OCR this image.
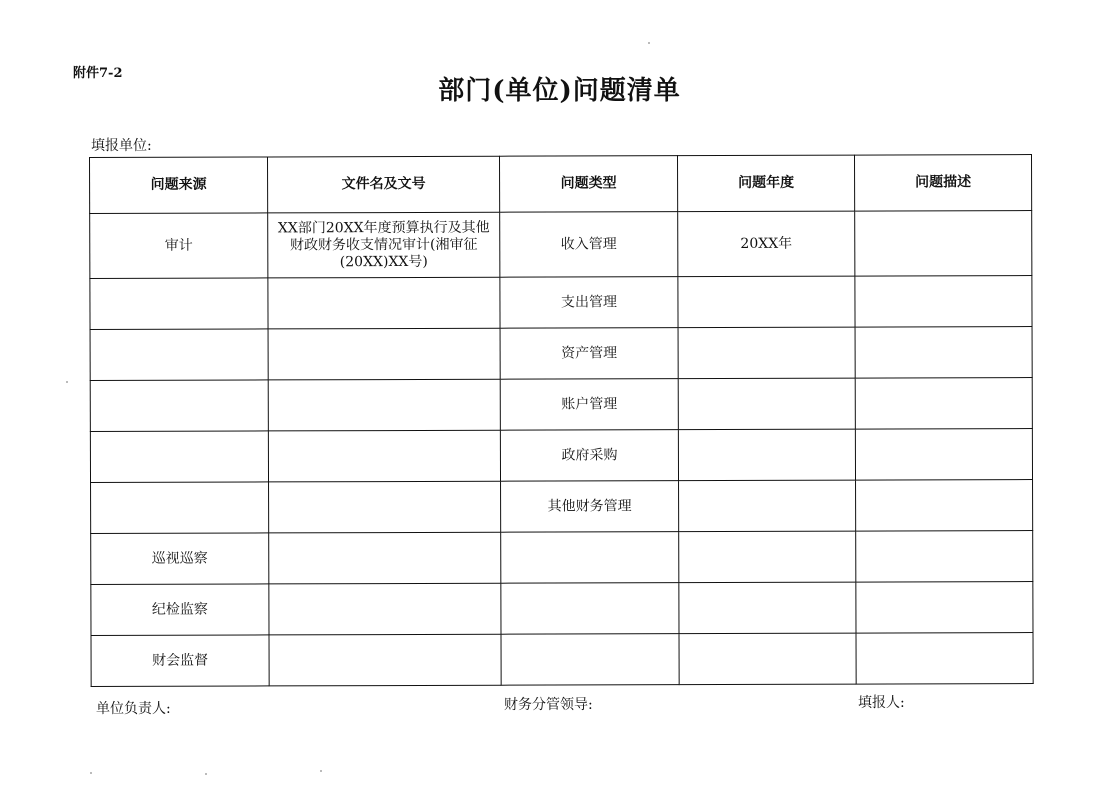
附件7-2
部门(单位)问题清单
填报单位:
问题来源	文件名及文号	问题类型	问题年度	问题描述
审计	XX部门20XX年度预算执行及其他财政财务收支情况审计(湘审征(20XX)XX号)	收入管理	20XX年	
		支出管理		
		资产管理		
		账户管理		
		政府采购		
		其他财务管理		
巡视巡察				
纪检监察				
财会监督				
单位负责人:	财务分管领导:	填报人:
